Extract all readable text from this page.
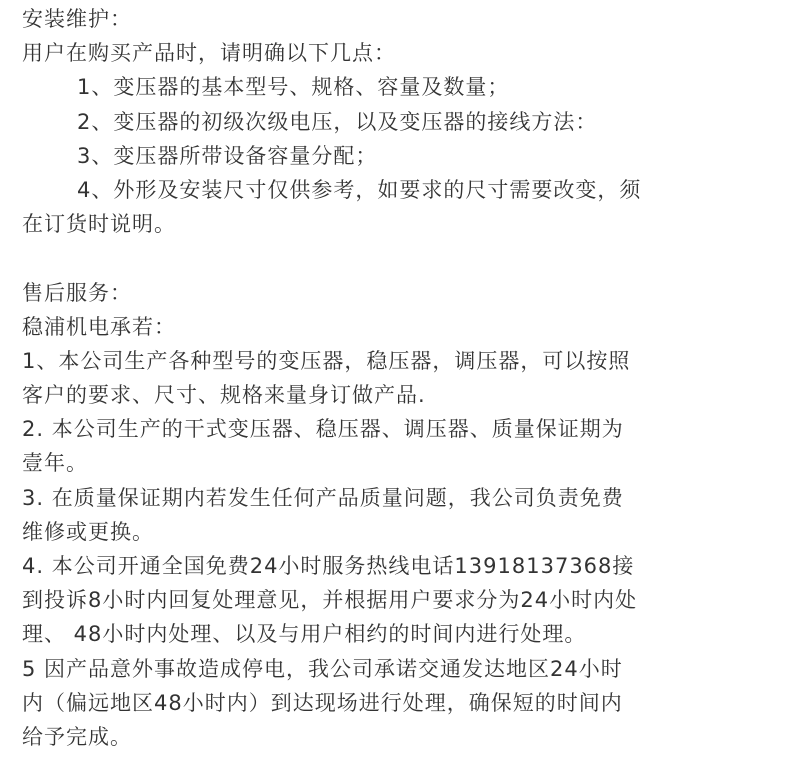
安装维护：
用户在购买产品时，请明确以下几点：
1、变压器的基本型号、规格、容量及数量；
2、变压器的初级次级电压，以及变压器的接线方法：
3、变压器所带设备容量分配；
4、外形及安装尺寸仅供参考，如要求的尺寸需要改变，须
在订货时说明。
售后服务：
稳浦机电承若：
1、本公司生产各种型号的变压器，稳压器，调压器，可以按照
客户的要求、尺寸、规格来量身订做产品.
2. 本公司生产的干式变压器、稳压器、调压器、质量保证期为
壹年。
3. 在质量保证期内若发生任何产品质量问题，我公司负责免费
维修或更换。
4. 本公司开通全国免费24小时服务热线电话13918137368接
到投诉8小时内回复处理意见，并根据用户要求分为24小时内处
理、 48小时内处理、以及与用户相约的时间内进行处理。
5 因产品意外事故造成停电，我公司承诺交通发达地区24小时
内（偏远地区48小时内）到达现场进行处理，确保短的时间内
给予完成。
